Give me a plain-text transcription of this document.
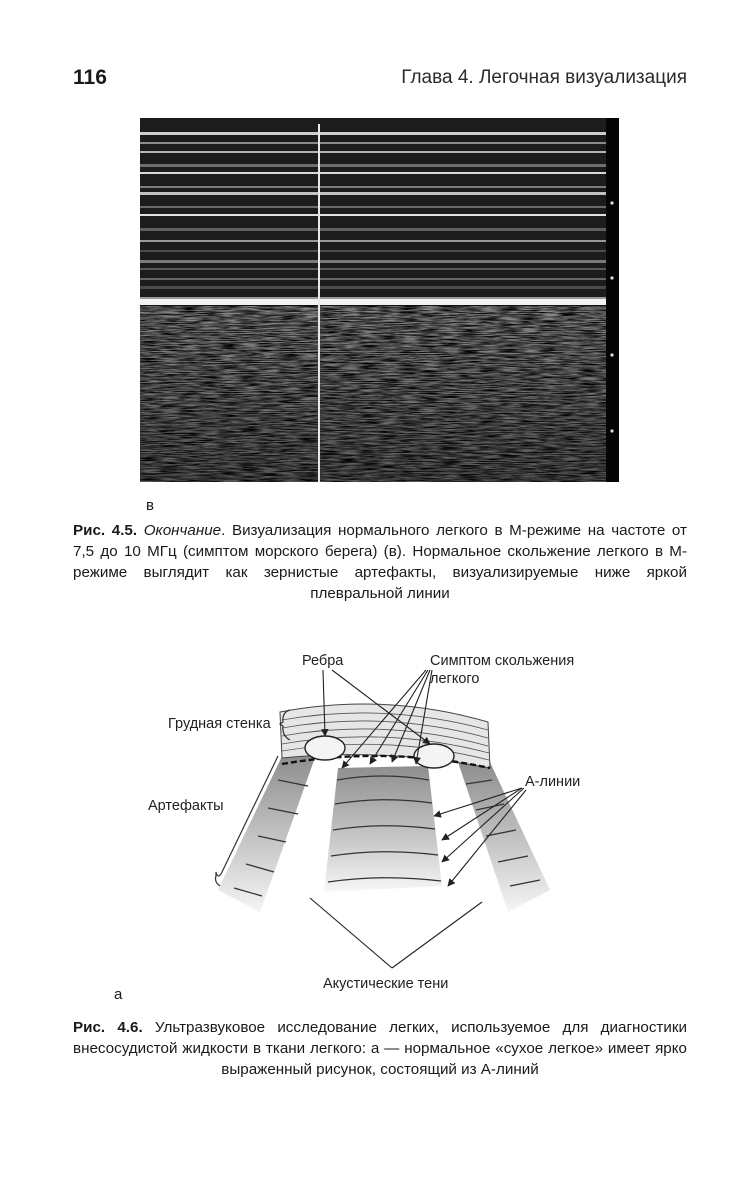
116	Глава 4. Легочная визуализация
в

Рис. 4.5. Окончание. Визуализация нормального легкого в М-режиме на частоте от 7,5 до 10 МГц (симптом морского берега) (в). Нормальное скольжение легкого в М-режиме выглядит как зернистые артефакты, визуализируемые ниже яркой плевральной линии

Ребра	Симптом скольжения
легкого
Грудная стенка
Артефакты
А-линии
Акустические тени
а

Рис. 4.6. Ультразвуковое исследование легких, используемое для диагностики внесосудистой жидкости в ткани легкого: а — нормальное «сухое легкое» имеет ярко выраженный рисунок, состоящий из А-линий
